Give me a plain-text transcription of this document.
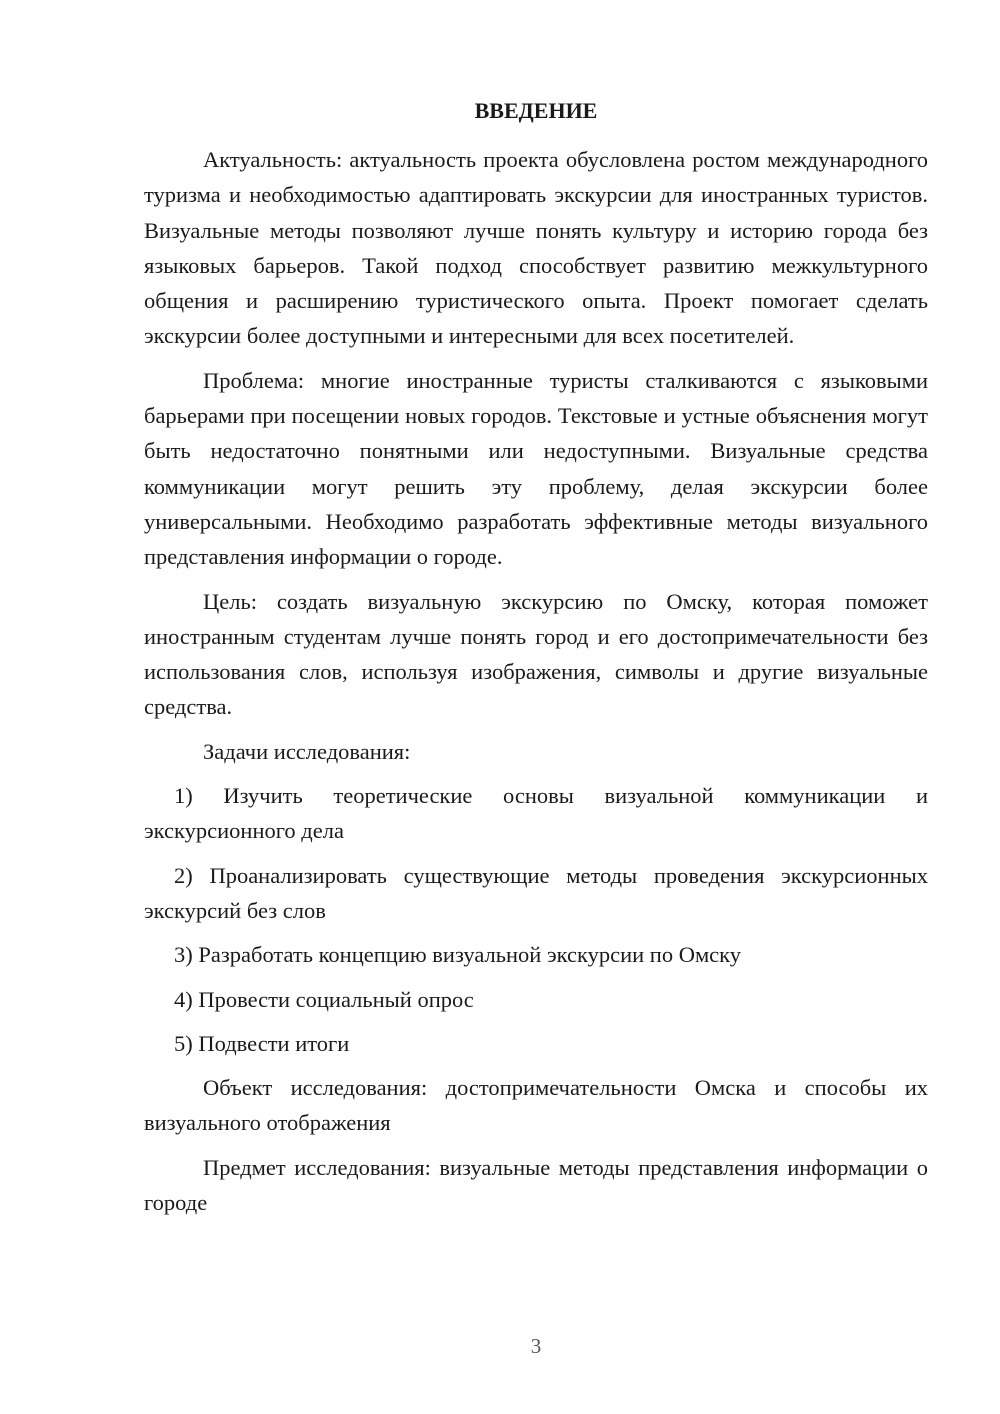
ВВЕДЕНИЕ

Актуальность: актуальность проекта обусловлена ростом международного туризма и необходимостью адаптировать экскурсии для иностранных туристов. Визуальные методы позволяют лучше понять культуру и историю города без языковых барьеров. Такой подход способствует развитию межкультурного общения и расширению туристического опыта. Проект помогает сделать экскурсии более доступными и интересными для всех посетителей.

Проблема: многие иностранные туристы сталкиваются с языковыми барьерами при посещении новых городов. Текстовые и устные объяснения могут быть недостаточно понятными или недоступными. Визуальные средства коммуникации могут решить эту проблему, делая экскурсии более универсальными. Необходимо разработать эффективные методы визуального представления информации о городе.

Цель: создать визуальную экскурсию по Омску, которая поможет иностранным студентам лучше понять город и его достопримечательности без использования слов, используя изображения, символы и другие визуальные средства.

Задачи исследования:

1) Изучить теоретические основы визуальной коммуникации и экскурсионного дела

2) Проанализировать существующие методы проведения экскурсионных экскурсий без слов

3) Разработать концепцию визуальной экскурсии по Омску

4) Провести социальный опрос

5) Подвести итоги

Объект исследования: достопримечательности Омска и способы их визуального отображения

Предмет исследования: визуальные методы представления информации о городе

3
